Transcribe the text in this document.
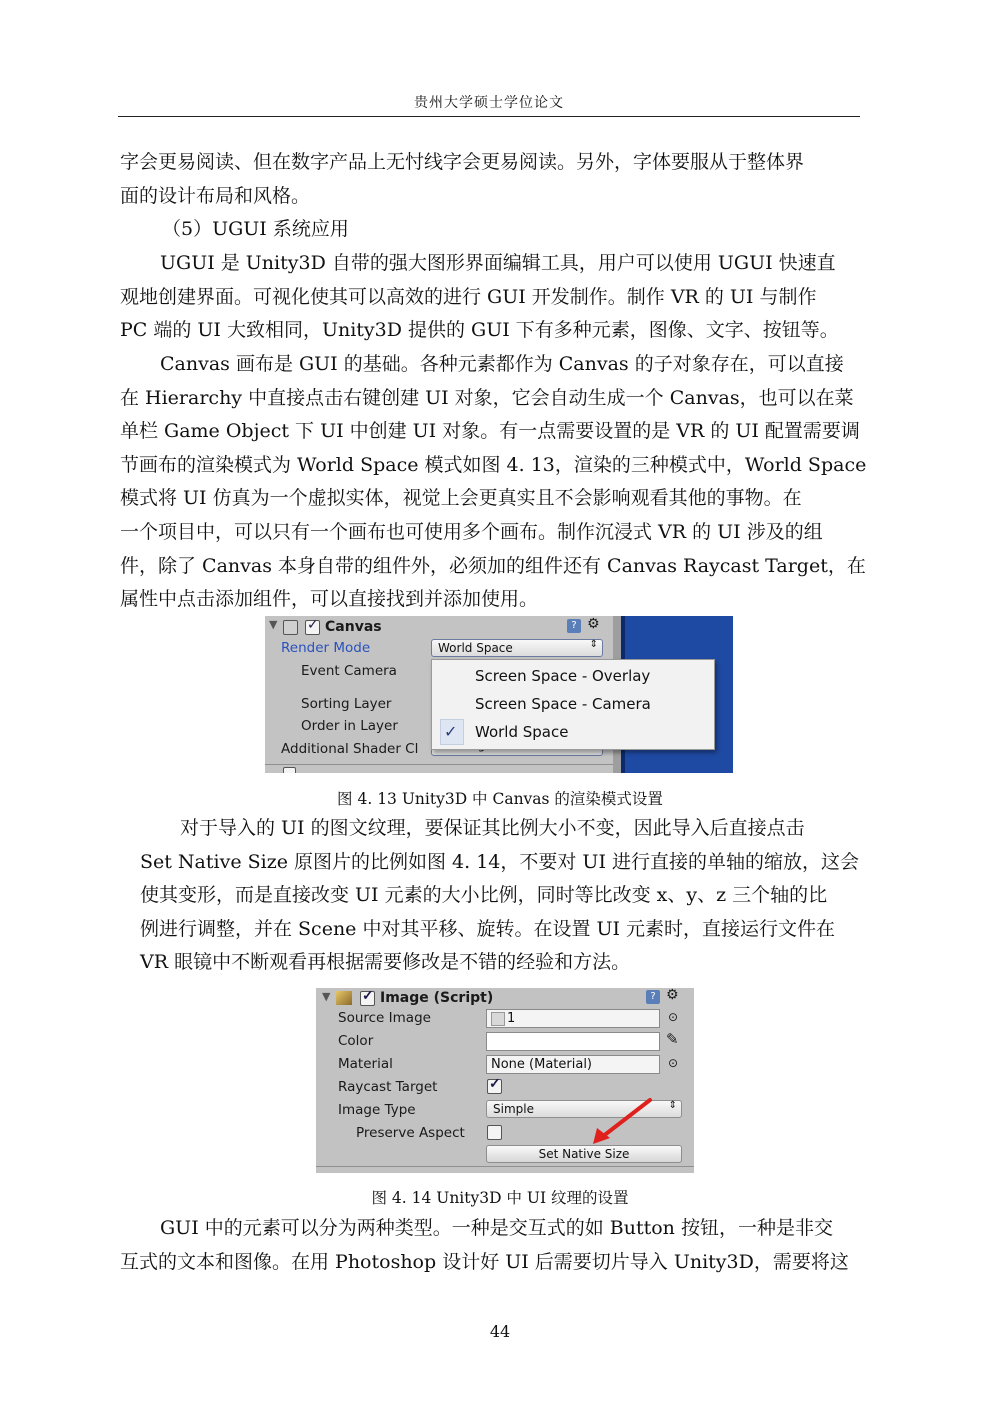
贵州大学硕士学位论文

字会更易阅读、但在数字产品上无忖线字会更易阅读。另外，字体要服从于整体界
面的设计布局和风格。

（5）UGUI 系统应用

UGUI 是 Unity3D 自带的强大图形界面编辑工具，用户可以使用 UGUI 快速直
观地创建界面。可视化使其可以高效的进行 GUI 开发制作。制作 VR 的 UI 与制作
PC 端的 UI 大致相同，Unity3D 提供的 GUI 下有多种元素，图像、文字、按钮等。

Canvas 画布是 GUI 的基础。各种元素都作为 Canvas 的子对象存在，可以直接
在 Hierarchy 中直接点击右键创建 UI 对象，它会自动生成一个 Canvas，也可以在菜
单栏 Game Object 下 UI 中创建 UI 对象。有一点需要设置的是 VR 的 UI 配置需要调
节画布的渲染模式为 World Space 模式如图 4. 13，渲染的三种模式中，World Space
模式将 UI 仿真为一个虚拟实体，视觉上会更真实且不会影响观看其他的事物。在
一个项目中，可以只有一个画布也可使用多个画布。制作沉浸式 VR 的 UI 涉及的组
件，除了 Canvas 本身自带的组件外，必须加的组件还有 Canvas Raycast Target，在
属性中点击添加组件，可以直接找到并添加使用。

▼ ✓ Canvas	? ⚙
Render Mode	World Space	⇕
Event Camera
Sorting Layer
Order in Layer
Additional Shader Cl
Screen Space - Overlay
Screen Space - Camera
World Space
✓
图 4. 13 Unity3D 中 Canvas 的渲染模式设置

对于导入的 UI 的图文纹理，要保证其比例大小不变，因此导入后直接点击
Set Native Size 原图片的比例如图 4. 14，不要对 UI 进行直接的单轴的缩放，这会
使其变形，而是直接改变 UI 元素的大小比例，同时等比改变 x、y、z 三个轴的比
例进行调整，并在 Scene 中对其平移、旋转。在设置 UI 元素时，直接运行文件在
VR 眼镜中不断观看再根据需要修改是不错的经验和方法。

▼ ✓ Image (Script)	? ⚙
Source Image	1	⊙
Color	✎
Material	None (Material)	⊙
Raycast Target	✓
Image Type	Simple	⇕
Preserve Aspect
Set Native Size
图 4. 14 Unity3D 中 UI 纹理的设置

GUI 中的元素可以分为两种类型。一种是交互式的如 Button 按钮，一种是非交
互式的文本和图像。在用 Photoshop 设计好 UI 后需要切片导入 Unity3D，需要将这

44
